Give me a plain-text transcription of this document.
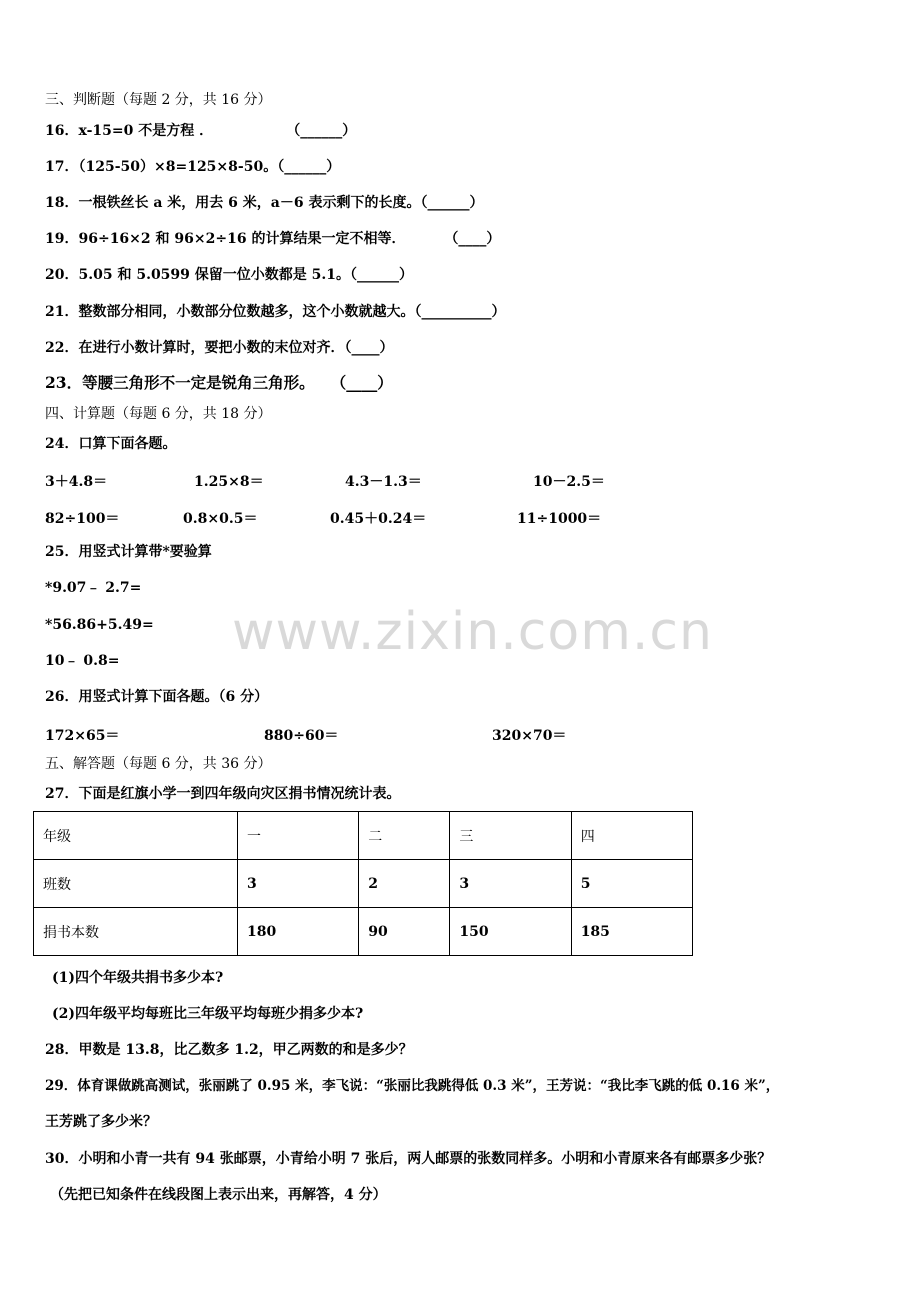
www.zixin.com.cn
三、判断题（每题 2 分，共 16 分）
16．x-15=0 不是方程 ．               （______）
17．（125-50）×8=125×8-50。（______）
18．一根铁丝长 a 米，用去 6 米，a－6 表示剩下的长度。（______）
19．96÷16×2 和 96×2÷16 的计算结果一定不相等．        （____）
20．5.05 和 5.0599 保留一位小数都是 5.1。（______）
21．整数部分相同，小数部分位数越多，这个小数就越大。（__________）
22．在进行小数计算时，要把小数的末位对齐．（____）
23．等腰三角形不一定是锐角三角形。   （____）
四、计算题（每题 6 分，共 18 分）
24．口算下面各题。
3＋4.8＝	1.25×8＝	4.3－1.3＝	10－2.5＝
82÷100＝	0.8×0.5＝	0.45＋0.24＝	11÷1000＝
25．用竖式计算带*要验算
*9.07﹣ 2.7=
*56.86+5.49=
10﹣ 0.8=
26．用竖式计算下面各题。（6 分）
172×65＝	880÷60＝	320×70＝
五、解答题（每题 6 分，共 36 分）
27．下面是红旗小学一到四年级向灾区捐书情况统计表。
年级	一	二	三	四
班数	3	2	3	5
捐书本数	180	90	150	185
(1)四个年级共捐书多少本?
(2)四年级平均每班比三年级平均每班少捐多少本?
28．甲数是 13.8，比乙数多 1.2，甲乙两数的和是多少？
29．体育课做跳高测试，张丽跳了 0.95 米，李飞说：“张丽比我跳得低 0.3 米”，王芳说：“我比李飞跳的低 0.16 米”，
王芳跳了多少米？
30．小明和小青一共有 94 张邮票，小青给小明 7 张后，两人邮票的张数同样多。小明和小青原来各有邮票多少张？
（先把已知条件在线段图上表示出来，再解答，4 分）
